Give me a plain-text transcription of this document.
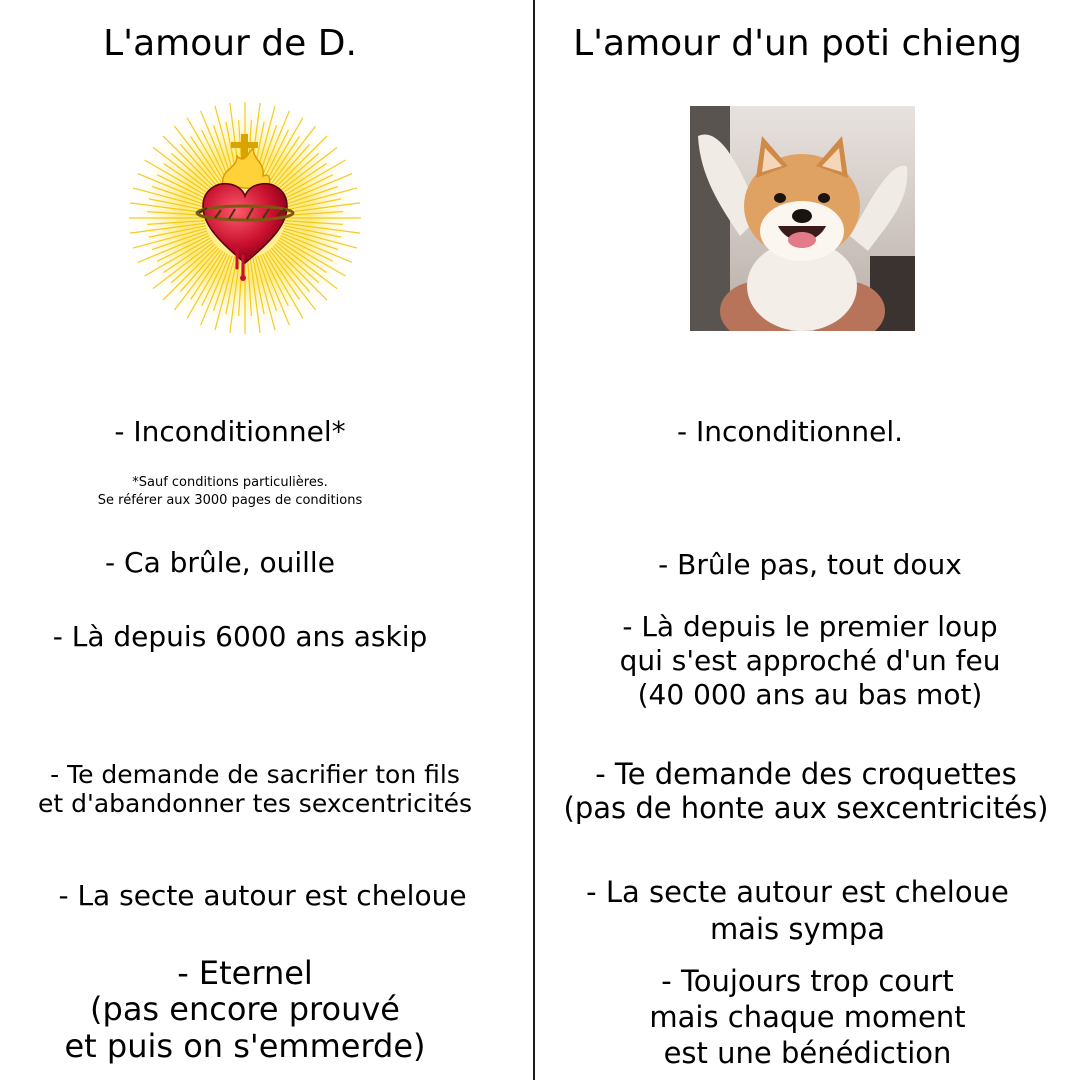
L'amour de D.
- Inconditionnel*
*Sauf conditions particulières.
Se référer aux 3000 pages de conditions
- Ca brûle, ouille
- Là depuis 6000 ans askip
- Te demande de sacrifier ton fils
et d'abandonner tes sexcentricités
- La secte autour est cheloue
- Eternel
(pas encore prouvé
et puis on s'emmerde)
L'amour d'un poti chieng
- Inconditionnel.
- Brûle pas, tout doux
- Là depuis le premier loup
qui s'est approché d'un feu
(40 000 ans au bas mot)
- Te demande des croquettes
(pas de honte aux sexcentricités)
- La secte autour est cheloue
mais sympa
- Toujours trop court
mais chaque moment
est une bénédiction
